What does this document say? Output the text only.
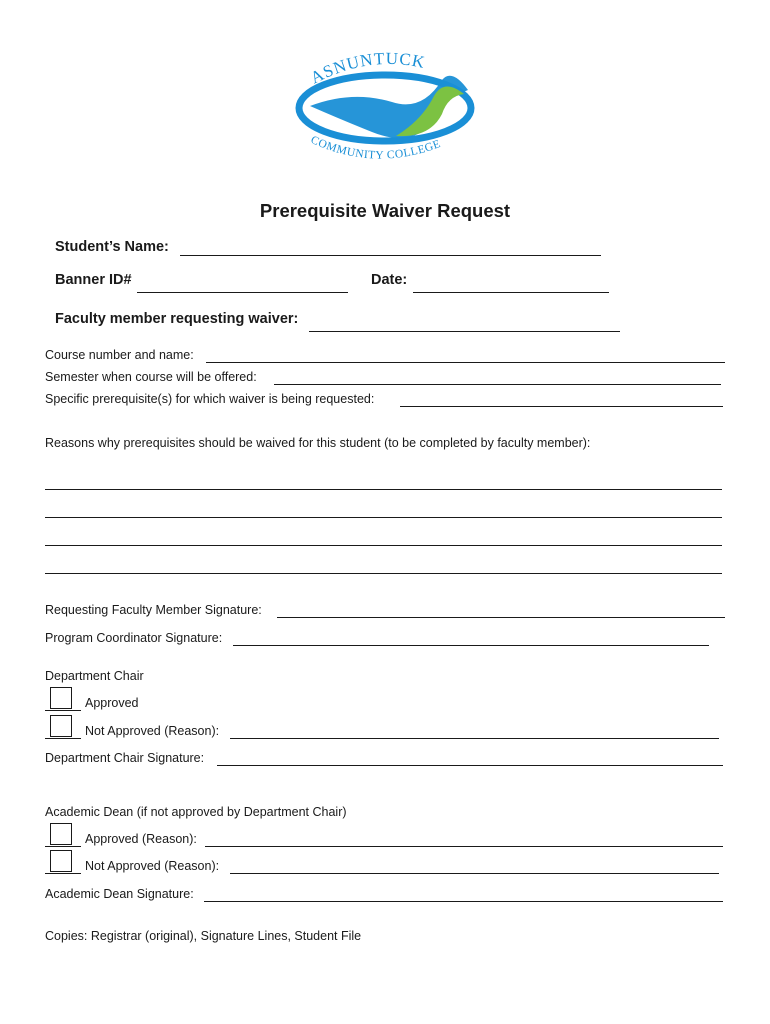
ASNUNTUCK
COMMUNITY COLLEGE
Prerequisite Waiver Request
Student’s Name:
Banner ID#	Date:
Faculty member requesting waiver:
Course number and name:
Semester when course will be offered:
Specific prerequisite(s) for which waiver is being requested:
Reasons why prerequisites should be waived for this student (to be completed by faculty member):
Requesting Faculty Member Signature:
Program Coordinator Signature:
Department Chair
Approved
Not Approved (Reason):
Department Chair Signature:
Academic Dean (if not approved by Department Chair)
Approved (Reason):
Not Approved (Reason):
Academic Dean Signature:
Copies: Registrar (original), Signature Lines, Student File
